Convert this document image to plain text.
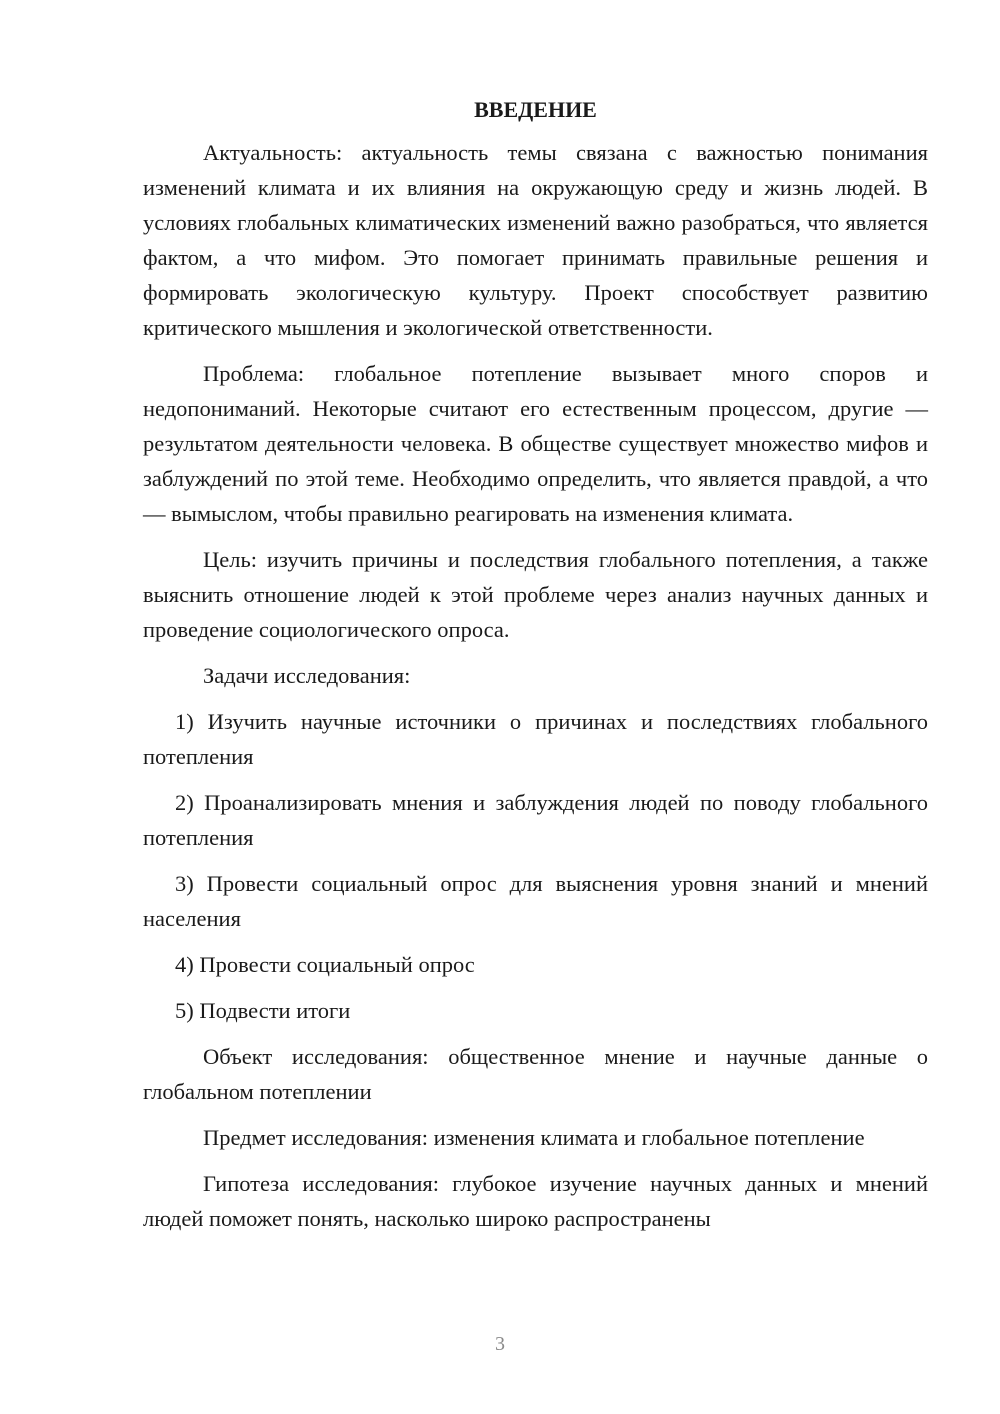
ВВЕДЕНИЕ

Актуальность: актуальность темы связана с важностью понимания изменений климата и их влияния на окружающую среду и жизнь людей. В условиях глобальных климатических изменений важно разобраться, что является фактом, а что мифом. Это помогает принимать правильные решения и формировать экологическую культуру. Проект способствует развитию критического мышления и экологической ответственности.

Проблема: глобальное потепление вызывает много споров и недопониманий. Некоторые считают его естественным процессом, другие — результатом деятельности человека. В обществе существует множество мифов и заблуждений по этой теме. Необходимо определить, что является правдой, а что — вымыслом, чтобы правильно реагировать на изменения климата.

Цель: изучить причины и последствия глобального потепления, а также выяснить отношение людей к этой проблеме через анализ научных данных и проведение социологического опроса.

Задачи исследования:

1) Изучить научные источники о причинах и последствиях глобального потепления

2) Проанализировать мнения и заблуждения людей по поводу глобального потепления

3) Провести социальный опрос для выяснения уровня знаний и мнений населения

4) Провести социальный опрос

5) Подвести итоги

Объект исследования: общественное мнение и научные данные о глобальном потеплении

Предмет исследования: изменения климата и глобальное потепление

Гипотеза исследования: глубокое изучение научных данных и мнений людей поможет понять, насколько широко распространены

3
